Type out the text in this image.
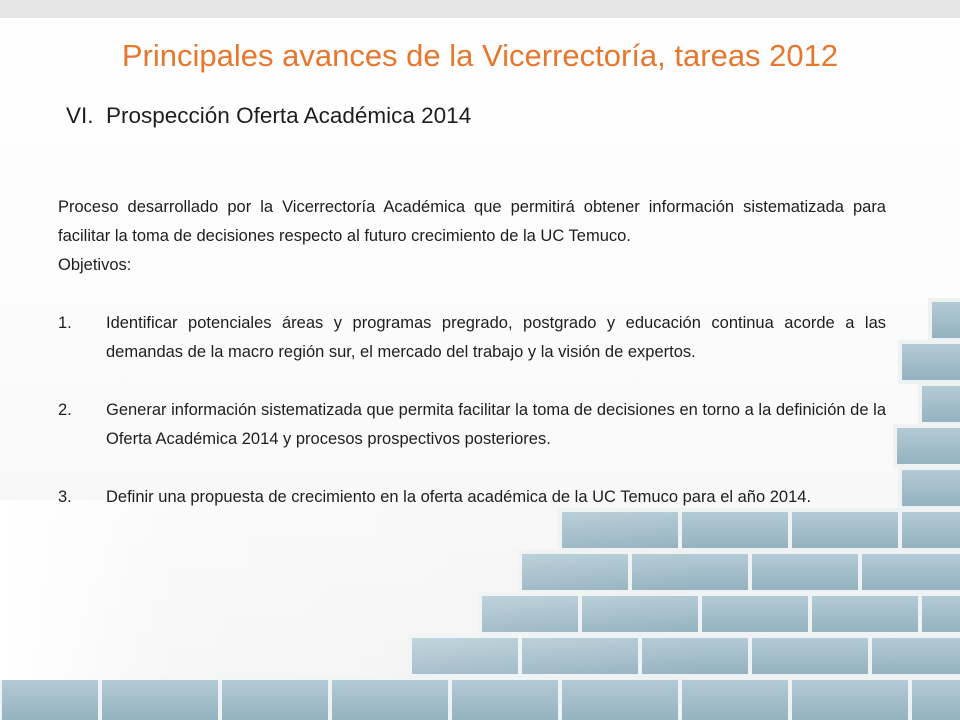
Principales avances de la Vicerrectoría, tareas 2012
VI. Prospección Oferta Académica 2014

Proceso desarrollado por la Vicerrectoría Académica que permitirá obtener información sistematizada para facilitar la toma de decisiones respecto al futuro crecimiento de la UC Temuco.

Objetivos:

1.	Identificar potenciales áreas y programas pregrado, postgrado y educación continua acorde a las demandas de la macro región sur, el mercado del trabajo y la visión de expertos.
2.	Generar información sistematizada que permita facilitar la toma de decisiones en torno a la definición de la Oferta Académica 2014 y procesos prospectivos posteriores.
3.	Definir una propuesta de crecimiento en la oferta académica de la UC Temuco para el año 2014.
